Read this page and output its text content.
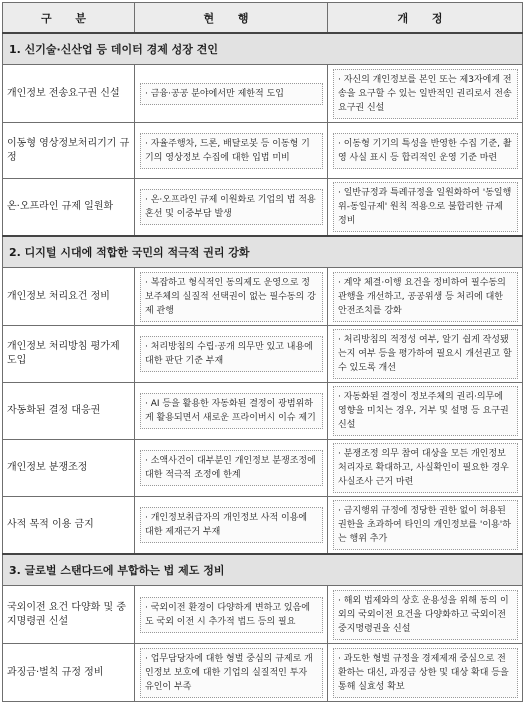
구 분	현 행	개 정
1. 신기술·신산업 등 데이터 경제 성장 견인		
개인정보 전송요구권 신설	· 금융·공공 분야에서만 제한적 도입	· 자신의 개인정보를 본인 또는 제3자에게 전송을 요구할 수 있는 일반적인 권리로서 전송요구권 신설

이동형 영상정보처리기기 규정	· 자율주행차, 드론, 배달로봇 등 이동형 기기의 영상정보 수집에 대한 입법 미비	· 이동형 기기의 특성을 반영한 수집 기준, 촬영 사실 표시 등 합리적인 운영 기준 마련

온·오프라인 규제 일원화	· 온·오프라인 규제 이원화로 기업의 법 적용 혼선 및 이중부담 발생	· 일반규정과 특례규정을 일원화하여 '동일행위-동일규제' 원칙 적용으로 불합리한 규제 정비

2. 디지털 시대에 적합한 국민의 적극적 권리 강화		
개인정보 처리요건 정비	· 복잡하고 형식적인 동의제도 운영으로 정보주체의 실질적 선택권이 없는 필수동의 강제 관행	· 계약 체결·이행 요건을 정비하여 필수동의 관행을 개선하고, 공공위생 등 처리에 대한 안전조치를 강화

개인정보 처리방침 평가제 도입	· 처리방침의 수립·공개 의무만 있고 내용에 대한 판단 기준 부재	· 처리방침의 적정성 여부, 알기 쉽게 작성됐는지 여부 등을 평가하여 필요시 개선권고 할 수 있도록 개선

자동화된 결정 대응권	· AI 등을 활용한 자동화된 결정이 광범위하게 활용되면서 새로운 프라이버시 이슈 제기	· 자동화된 결정이 정보주체의 권리·의무에 영향을 미치는 경우, 거부 및 설명 등 요구권 신설

개인정보 분쟁조정	· 소액사건이 대부분인 개인정보 분쟁조정에 대한 적극적 조정에 한계	· 분쟁조정 의무 참여 대상을 모든 개인정보처리자로 확대하고, 사실확인이 필요한 경우 사실조사 근거 마련

사적 목적 이용 금지	· 개인정보취급자의 개인정보 사적 이용에 대한 제재근거 부재	· 금지행위 규정에 정당한 권한 없이 허용된 권한을 초과하여 타인의 개인정보를 '이용'하는 행위 추가

3. 글로벌 스탠다드에 부합하는 법 제도 정비		
국외이전 요건 다양화 및 중지명령권 신설	· 국외이전 환경이 다양하게 변하고 있음에도 국외 이전 시 추가적 법드 등의 필요	· 해외 법제와의 상호 운용성을 위해 동의 이외의 국외이전 요건을 다양화하고 국외이전 중지명령권을 신설

과징금·벌칙 규정 정비	· 업무담당자에 대한 형벌 중심의 규제로 개인정보 보호에 대한 기업의 실질적인 투자 유인이 부족	· 과도한 형벌 규정을 경제제재 중심으로 전환하는 대신, 과징금 상한 및 대상 확대 등을 통해 실효성 확보
